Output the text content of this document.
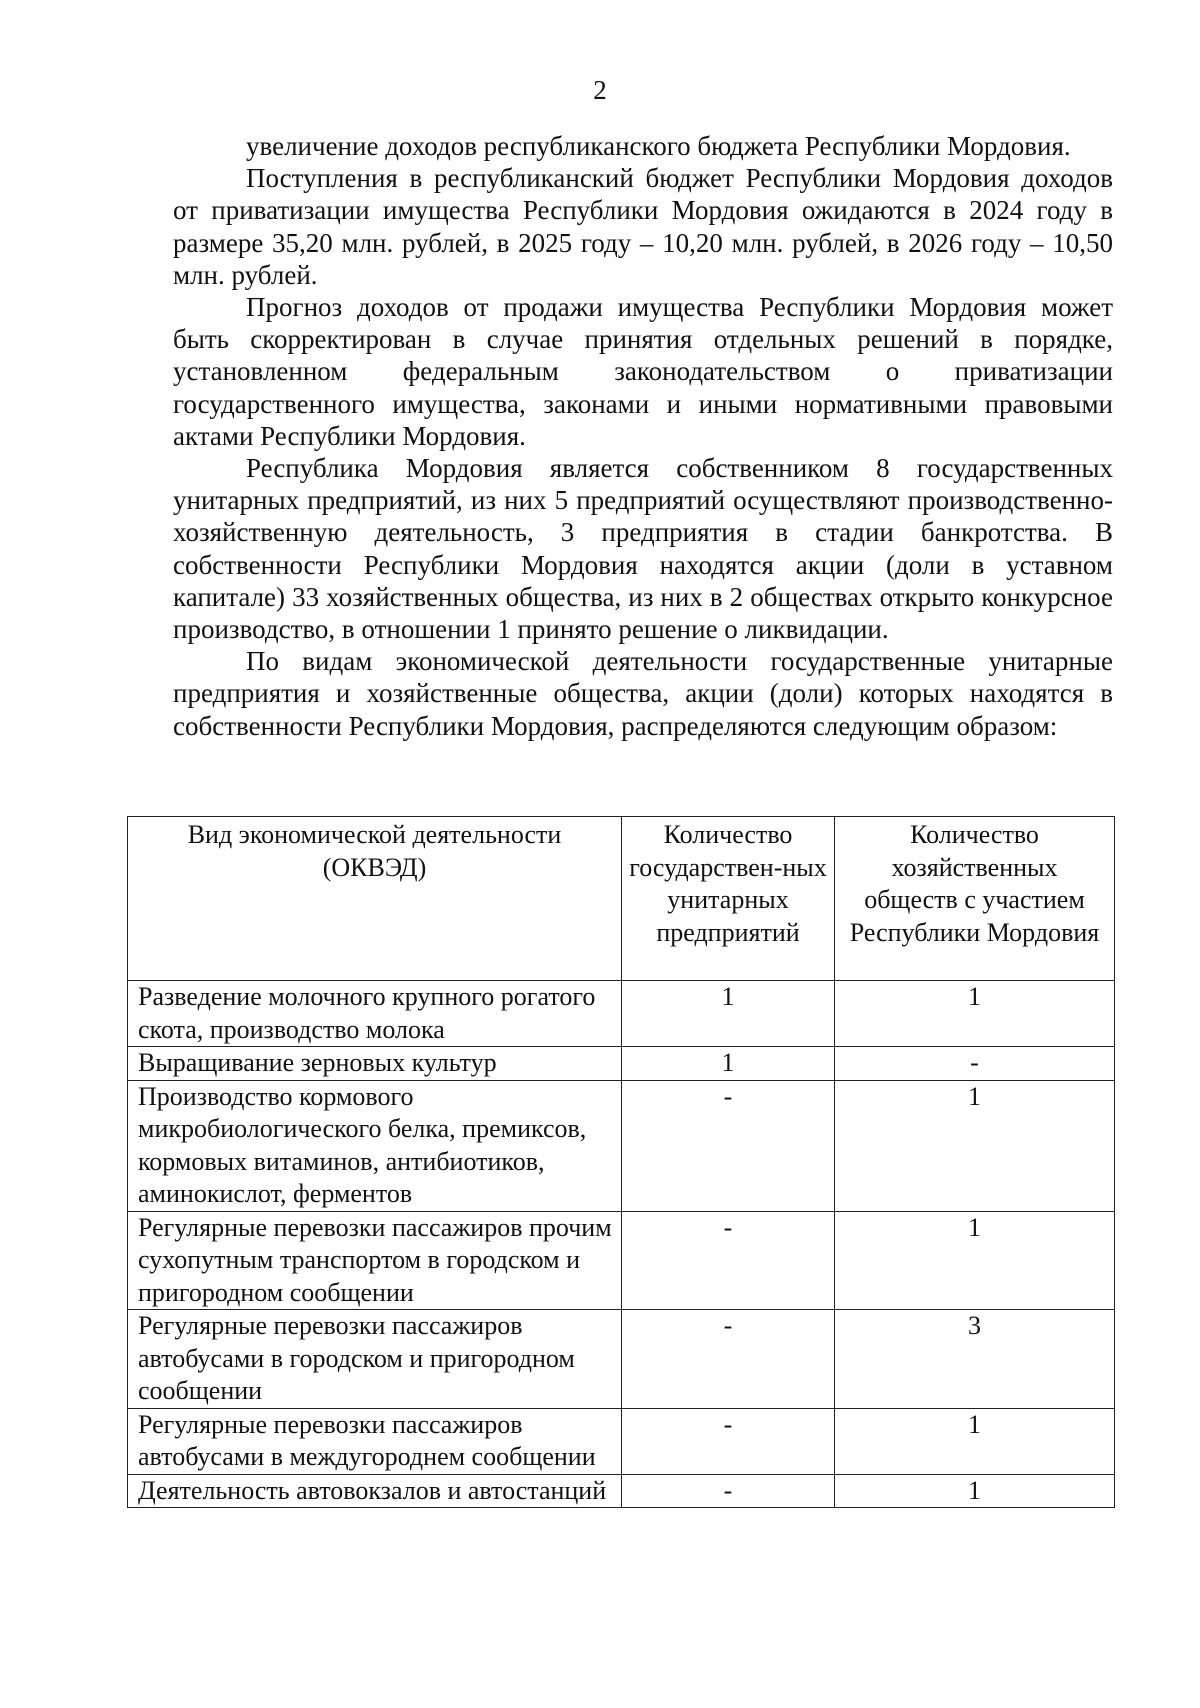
2

увеличение доходов республиканского бюджета Республики Мордовия.

Поступления в республиканский бюджет Республики Мордовия доходов от приватизации имущества Республики Мордовия ожидаются в 2024 году в размере 35,20 млн. рублей, в 2025 году – 10,20 млн. рублей, в 2026 году – 10,50 млн. рублей.

Прогноз доходов от продажи имущества Республики Мордовия может быть скорректирован в случае принятия отдельных решений в порядке, установленном федеральным законодательством о приватизации государственного имущества, законами и иными нормативными правовыми актами Республики Мордовия.

Республика Мордовия является собственником 8 государственных унитарных предприятий, из них 5 предприятий осуществляют производственно-хозяйственную деятельность, 3 предприятия в стадии банкротства. В собственности Республики Мордовия находятся акции (доли в уставном капитале) 33 хозяйственных общества, из них в 2 обществах открыто конкурсное производство, в отношении 1 принято решение о ликвидации.

По видам экономической деятельности государственные унитарные предприятия и хозяйственные общества, акции (доли) которых находятся в собственности Республики Мордовия, распределяются следующим образом:

Вид экономической деятельности (ОКВЭД)	Количество государствен-ных унитарных предприятий	Количество хозяйственных обществ с участием Республики Мордовия
Разведение молочного крупного рогатого скота, производство молока	1	1
Выращивание зерновых культур	1	-
Производство кормового микробиологического белка, премиксов, кормовых витаминов, антибиотиков, аминокислот, ферментов	-	1
Регулярные перевозки пассажиров прочим сухопутным транспортом в городском и пригородном сообщении	-	1
Регулярные перевозки пассажиров автобусами в городском и пригородном сообщении	-	3
Регулярные перевозки пассажиров автобусами в междугороднем сообщении	-	1
Деятельность автовокзалов и автостанций	-	1
